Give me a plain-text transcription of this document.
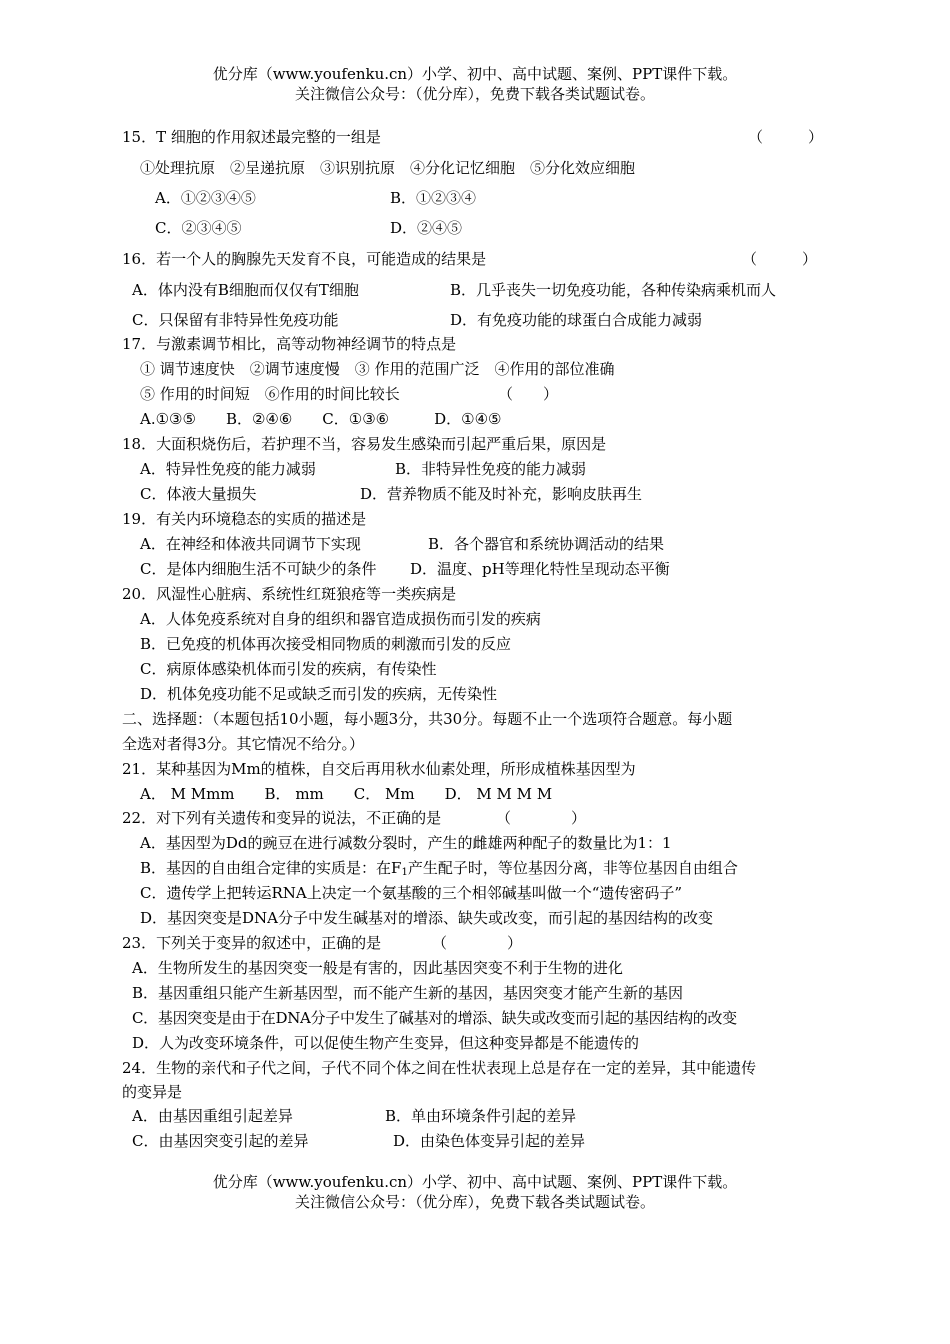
优分库（www.youfenku.cn）小学、初中、高中试题、案例、PPT课件下载。
关注微信公众号：（优分库），免费下载各类试题试卷。
15．T 细胞的作用叙述最完整的一组是	（　　　）
①处理抗原　②呈递抗原　③识别抗原　④分化记忆细胞　⑤分化效应细胞
A．①②③④⑤	B．①②③④
C．②③④⑤	D．②④⑤
16．若一个人的胸腺先天发育不良，可能造成的结果是	（　　　）
A．体内没有B细胞而仅仅有T细胞	B．几乎丧失一切免疫功能，各种传染病乘机而人
C．只保留有非特异性免疫功能	D．有免疫功能的球蛋白合成能力减弱
17．与激素调节相比，高等动物神经调节的特点是
① 调节速度快　②调节速度慢　③ 作用的范围广泛　④作用的部位准确
⑤ 作用的时间短　⑥作用的时间比较长	（　　）
A.①③⑤　　B．②④⑥　　C．①③⑥　　　D．①④⑤
18．大面积烧伤后，若护理不当，容易发生感染而引起严重后果，原因是
A．特异性免疫的能力减弱	B．非特异性免疫的能力减弱
C．体液大量损失	D．营养物质不能及时补充，影响皮肤再生
19．有关内环境稳态的实质的描述是
A．在神经和体液共同调节下实现	B．各个器官和系统协调活动的结果
C．是体内细胞生活不可缺少的条件	D．温度、pH等理化特性呈现动态平衡
20．风湿性心脏病、系统性红斑狼疮等一类疾病是
A．人体免疫系统对自身的组织和器官造成损伤而引发的疾病
B．已免疫的机体再次接受相同物质的刺激而引发的反应
C．病原体感染机体而引发的疾病，有传染性
D．机体免疫功能不足或缺乏而引发的疾病，无传染性
二、选择题：（本题包括10小题，每小题3分，共30分。每题不止一个选项符合题意。每小题
全选对者得3分。其它情况不给分。）
21．某种基因为Mm的植株，自交后再用秋水仙素处理，所形成植株基因型为
A． M Mmm　　B． mm　　C． Mm　　D． M M M M
22．对下列有关遗传和变异的说法，不正确的是	（　　　　）
A．基因型为Dd的豌豆在进行减数分裂时，产生的雌雄两种配子的数量比为1：1
B．基因的自由组合定律的实质是：在$F_1$产生配子时，等位基因分离，非等位基因自由组合
C．遗传学上把转运RNA上决定一个氨基酸的三个相邻碱基叫做一个“遗传密码子”
D．基因突变是DNA分子中发生碱基对的增添、缺失或改变，而引起的基因结构的改变
23．下列关于变异的叙述中，正确的是	（　　　　）
A．生物所发生的基因突变一般是有害的，因此基因突变不利于生物的进化
B．基因重组只能产生新基因型，而不能产生新的基因，基因突变才能产生新的基因
C．基因突变是由于在DNA分子中发生了碱基对的增添、缺失或改变而引起的基因结构的改变
D．人为改变环境条件，可以促使生物产生变异，但这种变异都是不能遗传的
24．生物的亲代和子代之间，子代不同个体之间在性状表现上总是存在一定的差异，其中能遗传
的变异是
A．由基因重组引起差异	B．单由环境条件引起的差异
C．由基因突变引起的差异	D．由染色体变异引起的差异
优分库（www.youfenku.cn）小学、初中、高中试题、案例、PPT课件下载。
关注微信公众号：（优分库），免费下载各类试题试卷。
